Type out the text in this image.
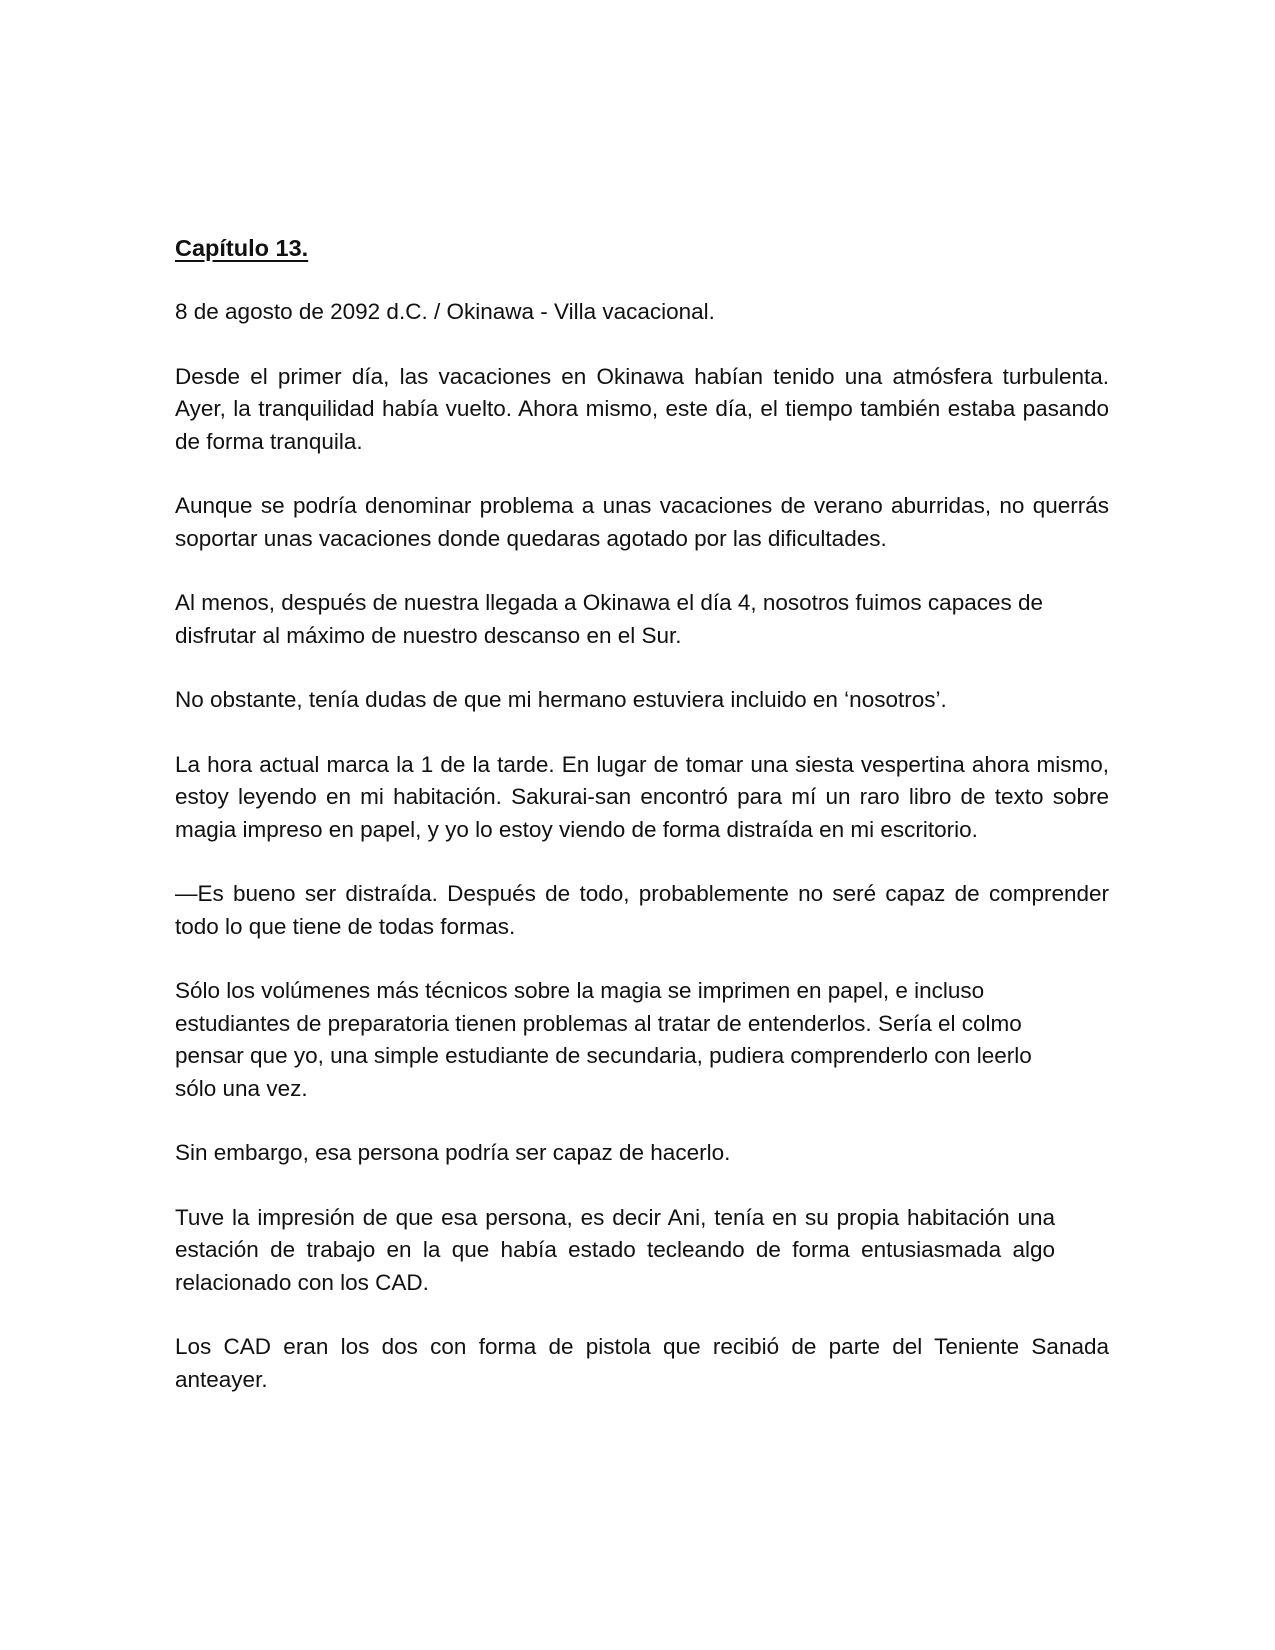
Capítulo 13.

8 de agosto de 2092 d.C. / Okinawa - Villa vacacional.

Desde el primer día, las vacaciones en Okinawa habían tenido una atmósfera turbulenta. Ayer, la tranquilidad había vuelto. Ahora mismo, este día, el tiempo también estaba pasando de forma tranquila.

Aunque se podría denominar problema a unas vacaciones de verano aburridas, no querrás soportar unas vacaciones donde quedaras agotado por las dificultades.

Al menos, después de nuestra llegada a Okinawa el día 4, nosotros fuimos capaces de disfrutar al máximo de nuestro descanso en el Sur.

No obstante, tenía dudas de que mi hermano estuviera incluido en ‘nosotros’.

La hora actual marca la 1 de la tarde. En lugar de tomar una siesta vespertina ahora mismo, estoy leyendo en mi habitación. Sakurai-san encontró para mí un raro libro de texto sobre magia impreso en papel, y yo lo estoy viendo de forma distraída en mi escritorio.

—Es bueno ser distraída. Después de todo, probablemente no seré capaz de comprender todo lo que tiene de todas formas.

Sólo los volúmenes más técnicos sobre la magia se imprimen en papel, e incluso estudiantes de preparatoria tienen problemas al tratar de entenderlos. Sería el colmo pensar que yo, una simple estudiante de secundaria, pudiera comprenderlo con leerlo sólo una vez.

Sin embargo, esa persona podría ser capaz de hacerlo.

Tuve la impresión de que esa persona, es decir Ani, tenía en su propia habitación una estación de trabajo en la que había estado tecleando de forma entusiasmada algo relacionado con los CAD.

Los CAD eran los dos con forma de pistola que recibió de parte del Teniente Sanada anteayer.
